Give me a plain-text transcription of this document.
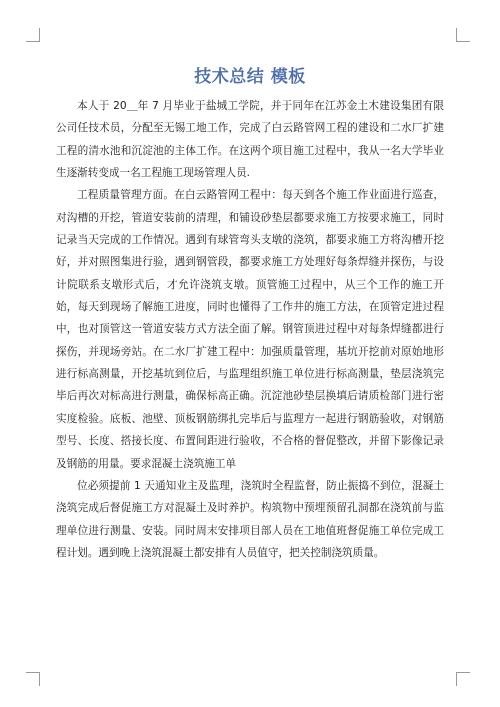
技术总结 模板

本人于 20＿年 7 月毕业于盐城工学院，并于同年在江苏金土木建设集团有限公司任技术员，分配至无锡工地工作，完成了白云路管网工程的建设和二水厂扩建工程的清水池和沉淀池的主体工作。在这两个项目施工过程中，我从一名大学毕业生逐渐转变成一名工程施工现场管理人员.

工程质量管理方面。在白云路管网工程中：每天到各个施工作业面进行巡查，对沟槽的开挖，管道安装前的清理，和铺设砂垫层都要求施工方按要求施工，同时记录当天完成的工作情况。遇到有球管弯头支墩的浇筑，都要求施工方将沟槽开挖好，并对照图集进行验，遇到钢管段，都要求施工方处理好每条焊缝并探伤，与设计院联系支墩形式后，才允许浇筑支墩。顶管施工过程中，从三个工作的施工开始，每天到现场了解施工进度，同时也懂得了工作井的施工方法，在顶管定进过程中，也对顶管这一管道安装方式方法全面了解。钢管顶进过程中对每条焊缝都进行探伤，并现场旁站。在二水厂扩建工程中：加强质量管理，基坑开挖前对原始地形进行标高测量，开挖基坑到位后，与监理组织施工单位进行标高测量，垫层浇筑完毕后再次对标高进行测量，确保标高正确。沉淀池砂垫层换填后请质检部门进行密实度检验。底板、池壁、顶板钢筋绑扎完毕后与监理方一起进行钢筋验收，对钢筋型号、长度、搭接长度、布置间距进行验收，不合格的督促整改，并留下影像记录及钢筋的用量。要求混凝土浇筑施工单

位必须提前 1 天通知业主及监理，浇筑时全程监督，防止振捣不到位，混凝土浇筑完成后督促施工方对混凝土及时养护。构筑物中预埋预留孔洞都在浇筑前与监理单位进行测量、安装。同时周末安排项目部人员在工地值班督促施工单位完成工程计划。遇到晚上浇筑混凝土都安排有人员值守，把关控制浇筑质量。
